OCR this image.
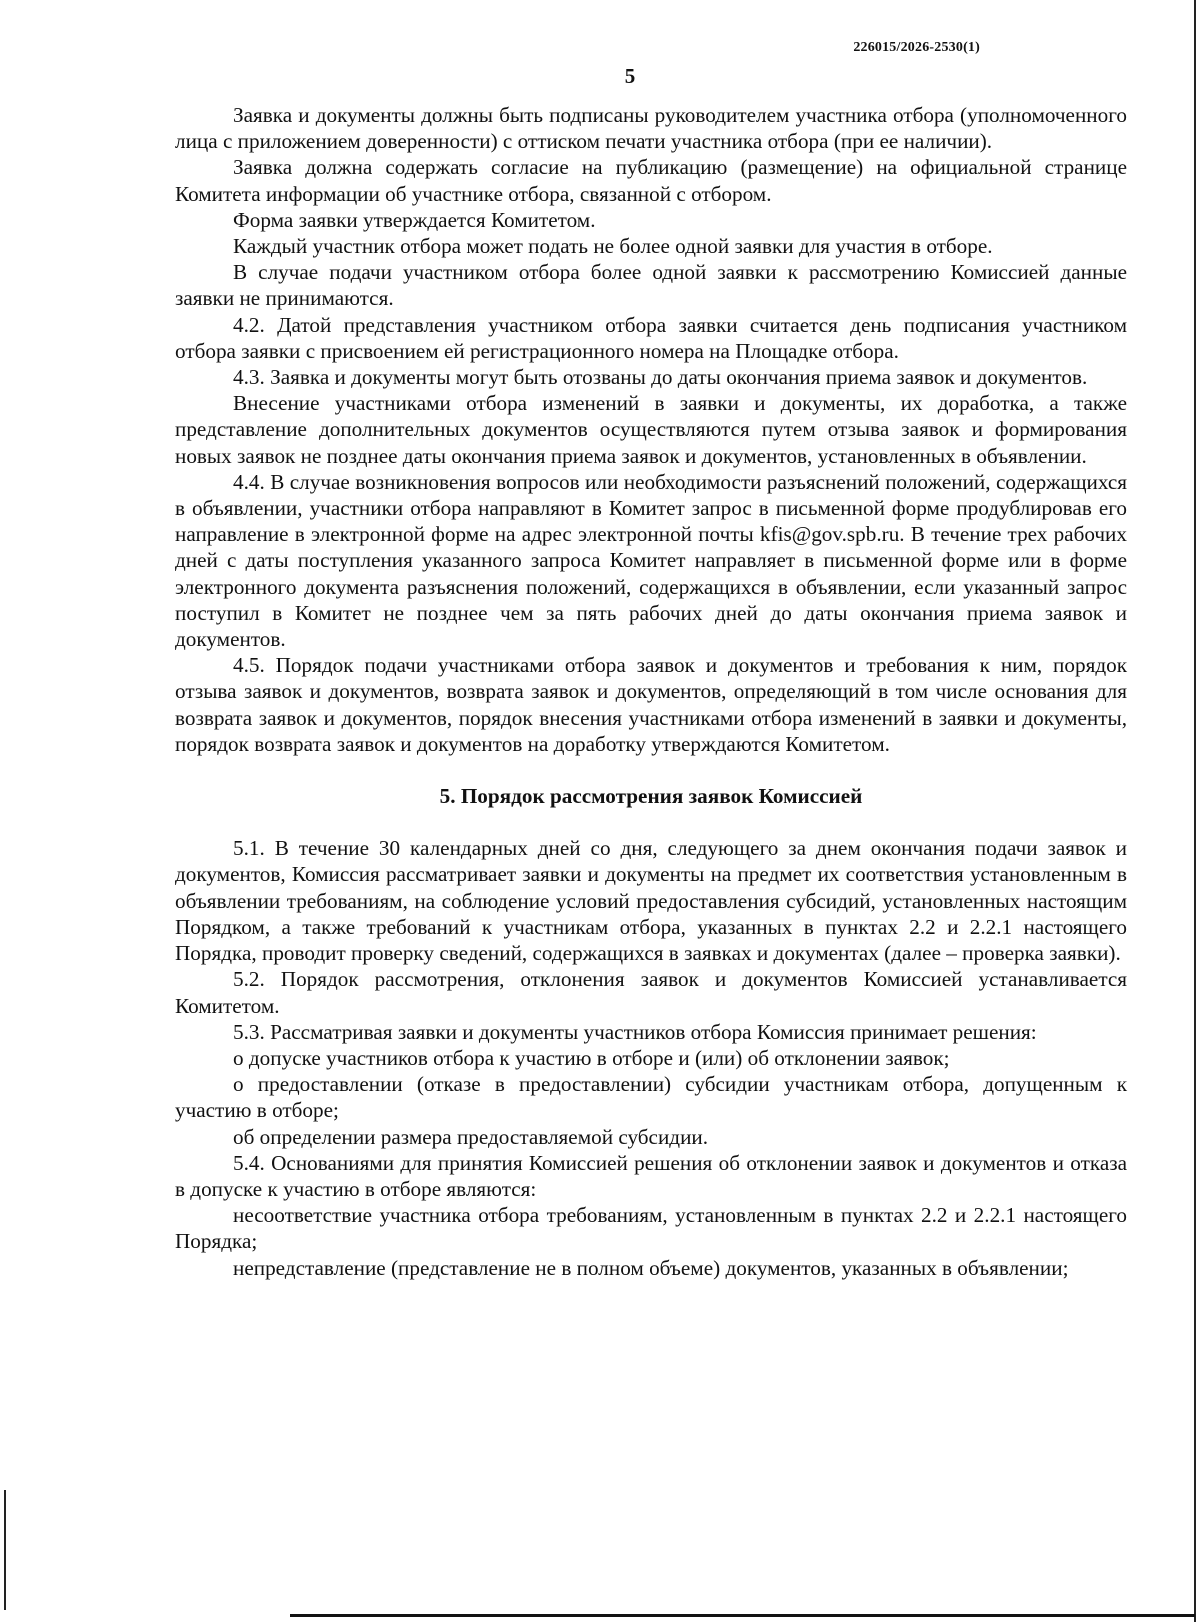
226015/2026-2530(1)
5

Заявка и документы должны быть подписаны руководителем участника отбора (уполномоченного лица с приложением доверенности) с оттиском печати участника отбора (при ее наличии).

Заявка должна содержать согласие на публикацию (размещение) на официальной странице Комитета информации об участнике отбора, связанной с отбором.

Форма заявки утверждается Комитетом.

Каждый участник отбора может подать не более одной заявки для участия в отборе.

В случае подачи участником отбора более одной заявки к рассмотрению Комиссией данные заявки не принимаются.

4.2. Датой представления участником отбора заявки считается день подписания участником отбора заявки с присвоением ей регистрационного номера на Площадке отбора.

4.3. Заявка и документы могут быть отозваны до даты окончания приема заявок и документов.

Внесение участниками отбора изменений в заявки и документы, их доработка, а также представление дополнительных документов осуществляются путем отзыва заявок и формирования новых заявок не позднее даты окончания приема заявок и документов, установленных в объявлении.

4.4. В случае возникновения вопросов или необходимости разъяснений положений, содержащихся в объявлении, участники отбора направляют в Комитет запрос в письменной форме продублировав его направление в электронной форме на адрес электронной почты kfis@gov.spb.ru. В течение трех рабочих дней с даты поступления указанного запроса Комитет направляет в письменной форме или в форме электронного документа разъяснения положений, содержащихся в объявлении, если указанный запрос поступил в Комитет не позднее чем за пять рабочих дней до даты окончания приема заявок и документов.

4.5. Порядок подачи участниками отбора заявок и документов и требования к ним, порядок отзыва заявок и документов, возврата заявок и документов, определяющий в том числе основания для возврата заявок и документов, порядок внесения участниками отбора изменений в заявки и документы, порядок возврата заявок и документов на доработку утверждаются Комитетом.

5. Порядок рассмотрения заявок Комиссией

5.1. В течение 30 календарных дней со дня, следующего за днем окончания подачи заявок и документов, Комиссия рассматривает заявки и документы на предмет их соответствия установленным в объявлении требованиям, на соблюдение условий предоставления субсидий, установленных настоящим Порядком, а также требований к участникам отбора, указанных в пунктах 2.2 и 2.2.1 настоящего Порядка, проводит проверку сведений, содержащихся в заявках и документах (далее – проверка заявки).

5.2. Порядок рассмотрения, отклонения заявок и документов Комиссией устанавливается Комитетом.

5.3. Рассматривая заявки и документы участников отбора Комиссия принимает решения:

о допуске участников отбора к участию в отборе и (или) об отклонении заявок;

о предоставлении (отказе в предоставлении) субсидии участникам отбора, допущенным к участию в отборе;

об определении размера предоставляемой субсидии.

5.4. Основаниями для принятия Комиссией решения об отклонении заявок и документов и отказа в допуске к участию в отборе являются:

несоответствие участника отбора требованиям, установленным в пунктах 2.2 и 2.2.1 настоящего Порядка;

непредставление (представление не в полном объеме) документов, указанных в объявлении;
